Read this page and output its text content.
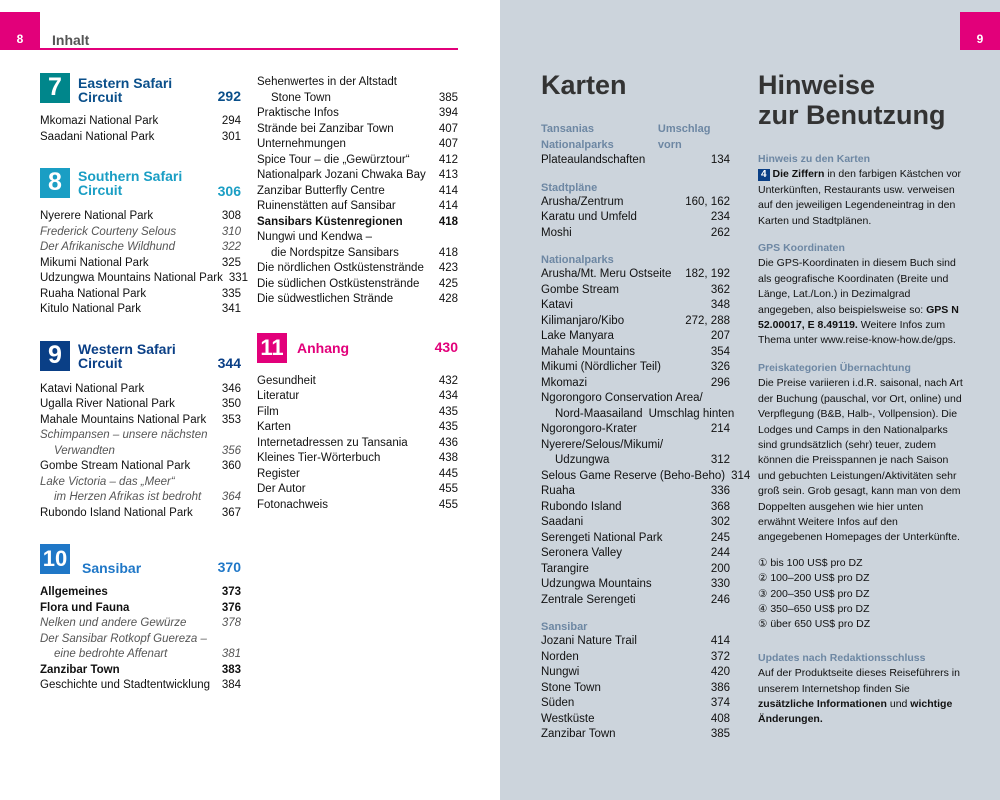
8	Inhalt
7	Eastern Safari Circuit	292
Mkomazi National Park	294
Saadani National Park	301
8	Southern Safari Circuit	306
Nyerere National Park	308
Frederick Courteny Selous	310
Der Afrikanische Wildhund	322
Mikumi National Park	325
Udzungwa Mountains National Park 331
Ruaha National Park	335
Kitulo National Park	341
9	Western Safari Circuit	344
Katavi National Park	346
Ugalla River National Park	350
Mahale Mountains National Park	353
Schimpansen – unsere nächsten
Verwandten	356
Gombe Stream National Park	360
Lake Victoria – das „Meer“
im Herzen Afrikas ist bedroht	364
Rubondo Island National Park	367
10 Sansibar	370
Allgemeines	373
Flora und Fauna	376
Nelken und andere Gewürze	378
Der Sansibar Rotkopf Guereza –
eine bedrohte Affenart	381
Zanzibar Town	383
Geschichte und Stadtentwicklung	384
Sehenwertes in der Altstadt
Stone Town	385
Praktische Infos	394
Strände bei Zanzibar Town	407
Unternehmungen	407
Spice Tour – die „Gewürztour“	412
Nationalpark Jozani Chwaka Bay	413
Zanzibar Butterfly Centre	414
Ruinenstätten auf Sansibar	414
Sansibars Küstenregionen	418
Nungwi und Kendwa –
die Nordspitze Sansibars	418
Die nördlichen Ostküstenstrände	423
Die südlichen Ostküstenstrände	425
Die südwestlichen Strände	428
11 Anhang	430
Gesundheit	432
Literatur	434
Film	435
Karten	435
Internetadressen zu Tansania	436
Kleines Tier-Wörterbuch	438
Register	445
Der Autor	455
Fotonachweis	455
9
Karten
Tansanias Nationalparks
Umschlag vorn
Plateaulandschaften	134
Stadtpläne
Arusha/Zentrum	160, 162
Karatu und Umfeld	234
Moshi	262
Nationalparks
Arusha/Mt. Meru Ostseite	182, 192
Gombe Stream	362
Katavi	348
Kilimanjaro/Kibo	272, 288
Lake Manyara	207
Mahale Mountains	354
Mikumi (Nördlicher Teil)	326
Mkomazi	296
Ngorongoro Conservation Area/
Nord-Maasailand Umschlag hinten
Ngorongoro-Krater	214
Nyerere/Selous/Mikumi/
Udzungwa	312
Selous Game Reserve (Beho-Beho) 314
Ruaha	336
Rubondo Island	368
Saadani	302
Serengeti National Park	245
Seronera Valley	244
Tarangire	200
Udzungwa Mountains	330
Zentrale Serengeti	246
Sansibar
Jozani Nature Trail	414
Norden	372
Nungwi	420
Stone Town	386
Süden	374
Westküste	408
Zanzibar Town	385
Hinweise
zur Benutzung
Hinweis zu den Karten
4 Die Ziffern in den farbigen Kästchen vor Unterkünften, Restaurants usw. verweisen auf den jeweiligen Legendeneintrag in den Karten und Stadtplänen.
GPS Koordinaten
Die GPS-Koordinaten in diesem Buch sind als geografische Koordinaten (Breite und Länge, Lat./Lon.) in Dezimalgrad angegeben, also beispielsweise so: GPS N 52.00017, E 8.49119. Weitere Infos zum Thema unter www.reise-know-how.de/gps.
Preiskategorien Übernachtung
Die Preise variieren i.d.R. saisonal, nach Art der Buchung (pauschal, vor Ort, online) und Verpflegung (B&B, Halb-, Vollpension). Die Lodges und Camps in den Nationalparks sind grundsätzlich (sehr) teuer, zudem können die Preisspannen je nach Saison und gebuchten Leistungen/Aktivitäten sehr groß sein. Grob gesagt, kann man von dem Doppelten ausgehen wie hier unten erwähnt Weitere Infos auf den angegebenen Homepages der Unterkünfte.
① bis 100 US$ pro DZ
② 100–200 US$ pro DZ
③ 200–350 US$ pro DZ
④ 350–650 US$ pro DZ
⑤ über 650 US$ pro DZ
Updates nach Redaktionsschluss
Auf der Produktseite dieses Reiseführers in unserem Internetshop finden Sie zusätzliche Informationen und wichtige Änderungen.
